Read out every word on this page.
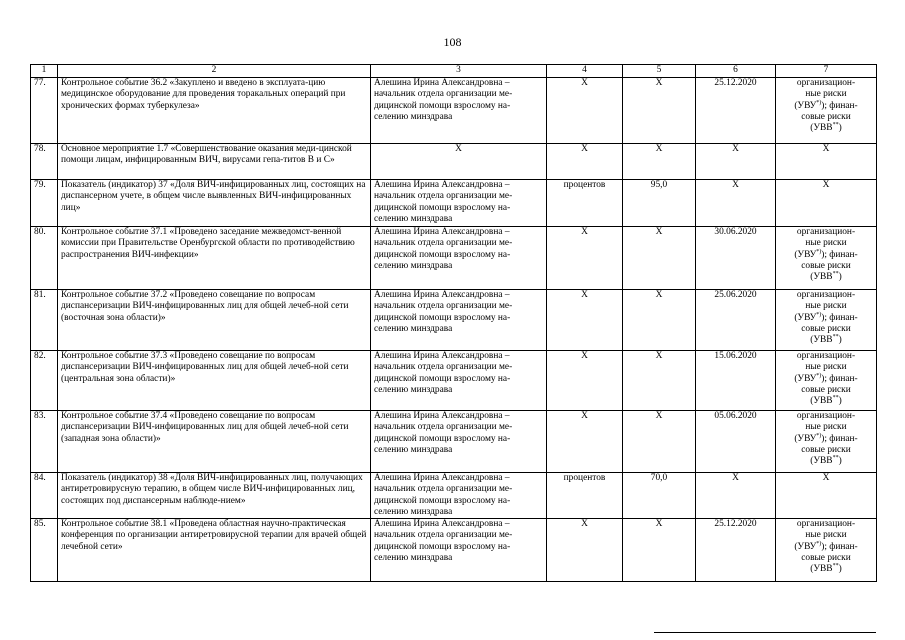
108
1	2	3	4	5	6	7
77.	Контрольное событие 36.2 «Закуплено и введено в эксплуата-цию медицинское оборудование для проведения торакальных операций при хронических формах туберкулеза»	Алешина Ирина Александровна – начальник отдела организации ме-дицинской помощи взрослому на-селению минздрава	Х	Х	25.12.2020	организацион-
ные риски
(УВУ*)); финан-
совые риски
(УВВ**)

78.	Основное мероприятие 1.7 «Совершенствование оказания меди-цинской помощи лицам, инфицированным ВИЧ, вирусами гепа-титов В и С»	Х	Х	Х	Х	Х
79.	Показатель (индикатор) 37 «Доля ВИЧ-инфицированных лиц, состоящих на диспансерном учете, в общем числе выявленных ВИЧ-инфицированных лиц»	Алешина Ирина Александровна – начальник отдела организации ме-дицинской помощи взрослому на-селению минздрава	процентов	95,0	Х	Х
80.	Контрольное событие 37.1 «Проведено заседание межведомст-венной комиссии при Правительстве Оренбургской области по противодействию распространения ВИЧ-инфекции»	Алешина Ирина Александровна – начальник отдела организации ме-дицинской помощи взрослому на-селению минздрава	Х	Х	30.06.2020	организацион-
ные риски
(УВУ*)); финан-
совые риски
(УВВ**)

81.	Контрольное событие 37.2 «Проведено совещание по вопросам диспансеризации ВИЧ-инфицированных лиц для общей лечеб-ной сети (восточная зона области)»	Алешина Ирина Александровна – начальник отдела организации ме-дицинской помощи взрослому на-селению минздрава	Х	Х	25.06.2020	организацион-
ные риски
(УВУ*)); финан-
совые риски
(УВВ**)

82.	Контрольное событие 37.3 «Проведено совещание по вопросам диспансеризации ВИЧ-инфицированных лиц для общей лечеб-ной сети (центральная зона области)»	Алешина Ирина Александровна – начальник отдела организации ме-дицинской помощи взрослому на-селению минздрава	Х	Х	15.06.2020	организацион-
ные риски
(УВУ*)); финан-
совые риски
(УВВ**)

83.	Контрольное событие 37.4 «Проведено совещание по вопросам диспансеризации ВИЧ-инфицированных лиц для общей лечеб-ной сети (западная зона области)»	Алешина Ирина Александровна – начальник отдела организации ме-дицинской помощи взрослому на-селению минздрава	Х	Х	05.06.2020	организацион-
ные риски
(УВУ*)); финан-
совые риски
(УВВ**)

84.	Показатель (индикатор) 38 «Доля ВИЧ-инфицированных лиц, получающих антиретровирусную терапию, в общем числе ВИЧ-инфицированных лиц, состоящих под диспансерным наблюде-нием»	Алешина Ирина Александровна – начальник отдела организации ме-дицинской помощи взрослому на-селению минздрава	процентов	70,0	Х	Х
85.	Контрольное событие 38.1 «Проведена областная научно-практическая конференция по организации антиретровирусной терапии для врачей общей лечебной сети»	Алешина Ирина Александровна – начальник отдела организации ме-дицинской помощи взрослому на-селению минздрава	Х	Х	25.12.2020	организацион-
ные риски
(УВУ*)); финан-
совые риски
(УВВ**)
